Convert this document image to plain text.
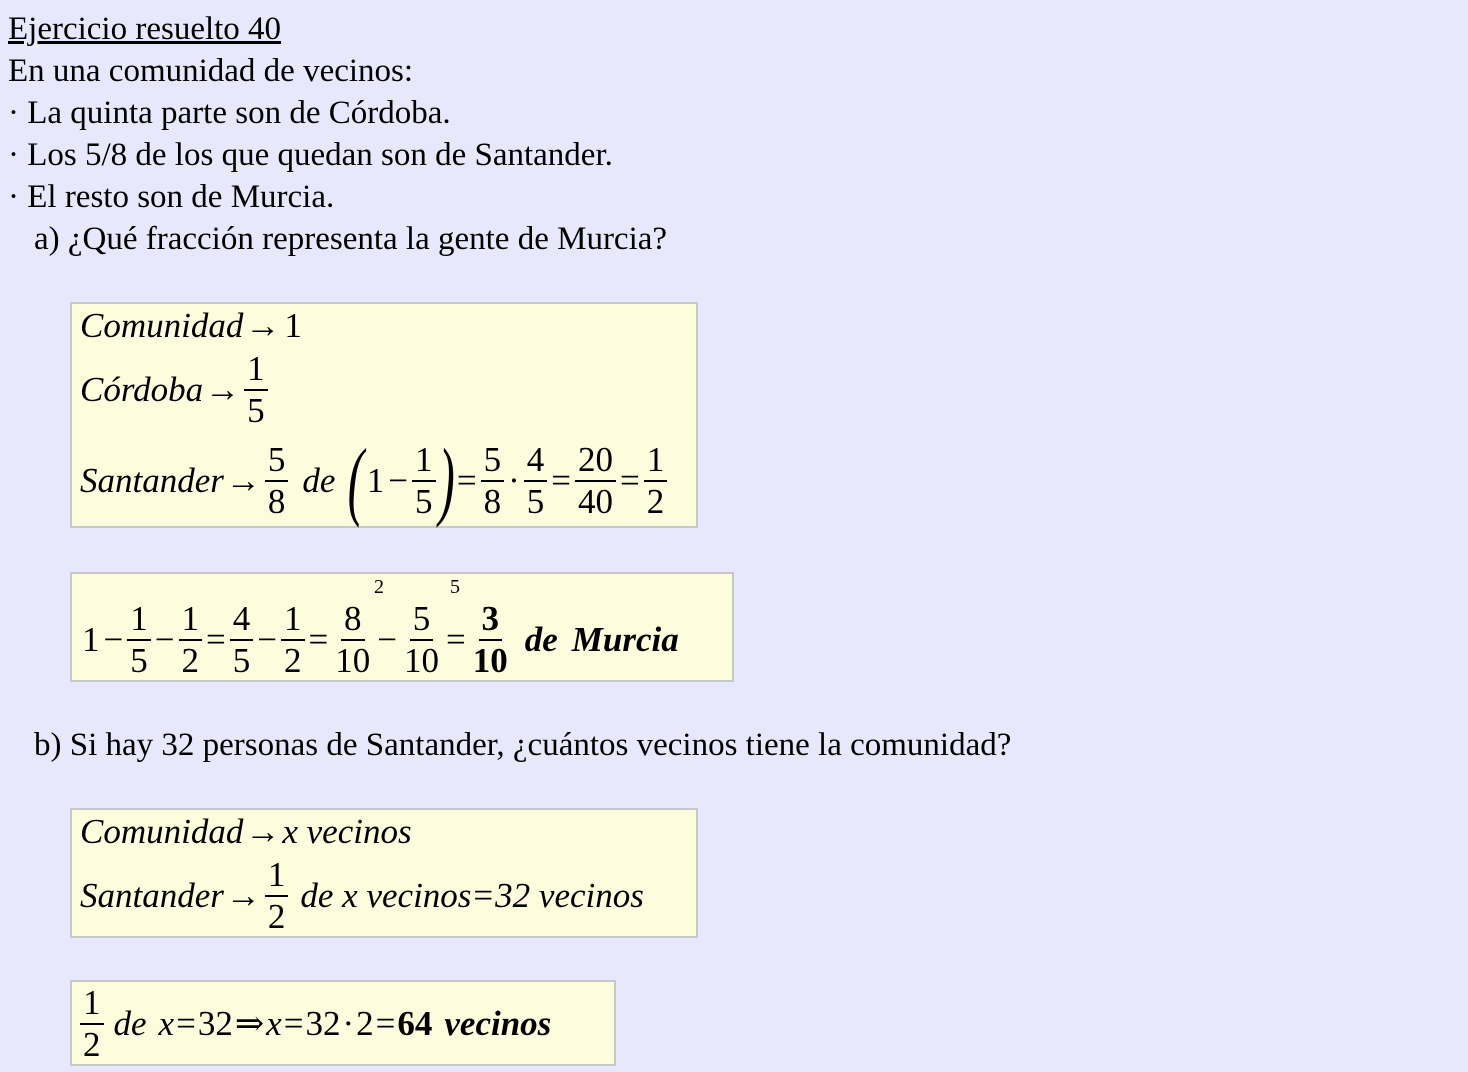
Ejercicio resuelto 40
En una comunidad de vecinos:
· La quinta parte son de Córdoba.
· Los 5/8 de los que quedan son de Santander.
· El resto son de Murcia.
a) ¿Qué fracción representa la gente de Murcia?
Comunidad → 1
Córdoba → $\frac{1}{5}$
Santander → $\frac{5}{8}$ de ( $1 - \frac{1}{5}$ ) = $\frac{5}{8} \cdot \frac{4}{5} = \frac{20}{40} = \frac{1}{2}$
2	5
$1 - \frac{1}{5} - \frac{1}{2} = \frac{4}{5} - \frac{1}{2} = \frac{8}{10} - \frac{5}{10} = \frac{3}{10}$ de Murcia
b) Si hay 32 personas de Santander, ¿cuántos vecinos tiene la comunidad?
Comunidad → x vecinos
Santander → $\frac{1}{2}$ de x vecinos = 32 vecinos
$\frac{1}{2}$ de x = 32 ⇒ x = 32 · 2 = 64 vecinos
